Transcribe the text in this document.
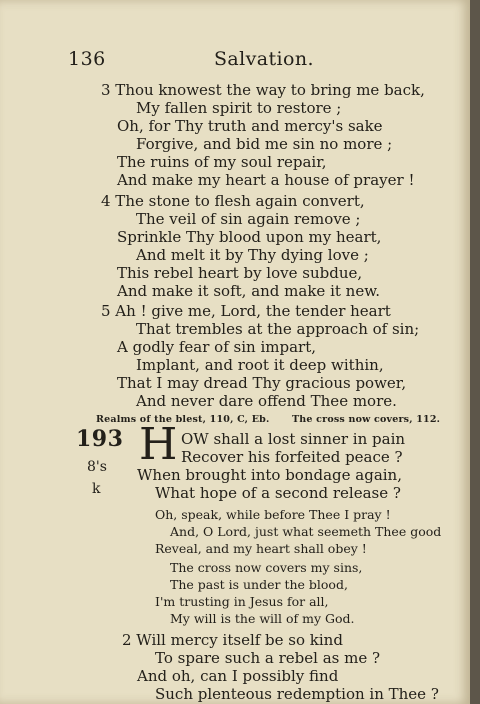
136	Salvation.
3 Thou knowest the way to bring me back,
My fallen spirit to restore ;
Oh, for Thy truth and mercy's sake
Forgive, and bid me sin no more ;
The ruins of my soul repair,
And make my heart a house of prayer !
4 The stone to flesh again convert,
The veil of sin again remove ;
Sprinkle Thy blood upon my heart,
And melt it by Thy dying love ;
This rebel heart by love subdue,
And make it soft, and make it new.
5 Ah ! give me, Lord, the tender heart
That trembles at the approach of sin;
A godly fear of sin impart,
Implant, and root it deep within,
That I may dread Thy gracious power,
And never dare offend Thee more.
Realms of the blest, 110, C, Eb. The cross now covers, 112.
193
8's
k
H OW shall a lost sinner in pain
Recover his forfeited peace ?
When brought into bondage again,
What hope of a second release ?
Oh, speak, while before Thee I pray !
And, O Lord, just what seemeth Thee good
Reveal, and my heart shall obey !
The cross now covers my sins,
The past is under the blood,
I'm trusting in Jesus for all,
My will is the will of my God.
2 Will mercy itself be so kind
To spare such a rebel as me ?
And oh, can I possibly find
Such plenteous redemption in Thee ?
